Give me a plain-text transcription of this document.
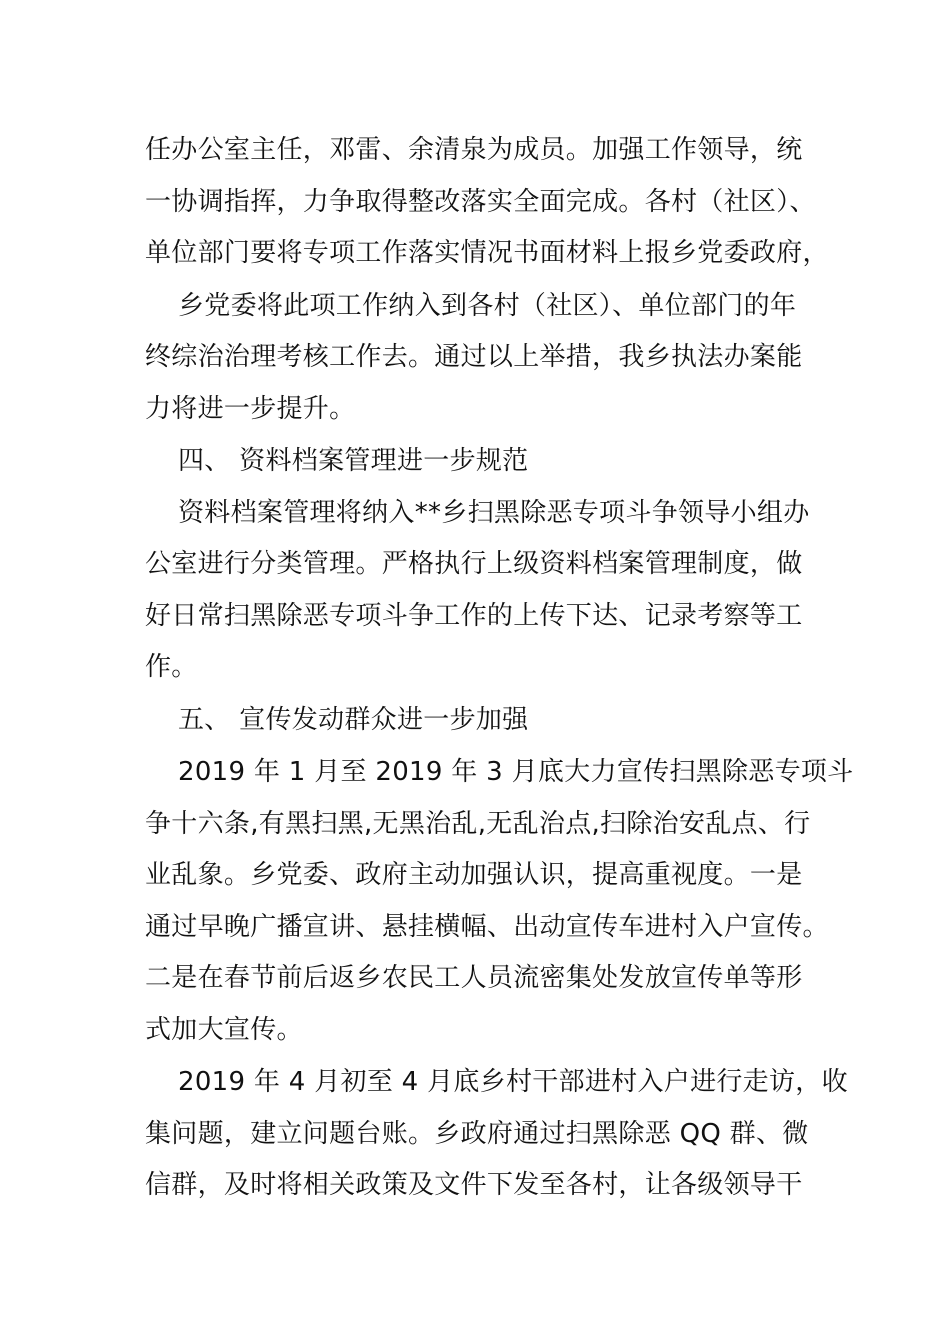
任办公室主任，邓雷、余清泉为成员。加强工作领导，统
一协调指挥，力争取得整改落实全面完成。各村（社区）、
单位部门要将专项工作落实情况书面材料上报乡党委政府，
乡党委将此项工作纳入到各村（社区）、单位部门的年
终综治治理考核工作去。通过以上举措，我乡执法办案能
力将进一步提升。
四、 资料档案管理进一步规范
资料档案管理将纳入**乡扫黑除恶专项斗争领导小组办
公室进行分类管理。严格执行上级资料档案管理制度，做
好日常扫黑除恶专项斗争工作的上传下达、记录考察等工
作。
五、 宣传发动群众进一步加强
2019 年 1 月至 2019 年 3 月底大力宣传扫黑除恶专项斗
争十六条,有黑扫黑,无黑治乱,无乱治点,扫除治安乱点、行
业乱象。乡党委、政府主动加强认识，提高重视度。一是
通过早晚广播宣讲、悬挂横幅、出动宣传车进村入户宣传。
二是在春节前后返乡农民工人员流密集处发放宣传单等形
式加大宣传。
2019 年 4 月初至 4 月底乡村干部进村入户进行走访，收
集问题，建立问题台账。乡政府通过扫黑除恶 QQ 群、微
信群，及时将相关政策及文件下发至各村，让各级领导干
